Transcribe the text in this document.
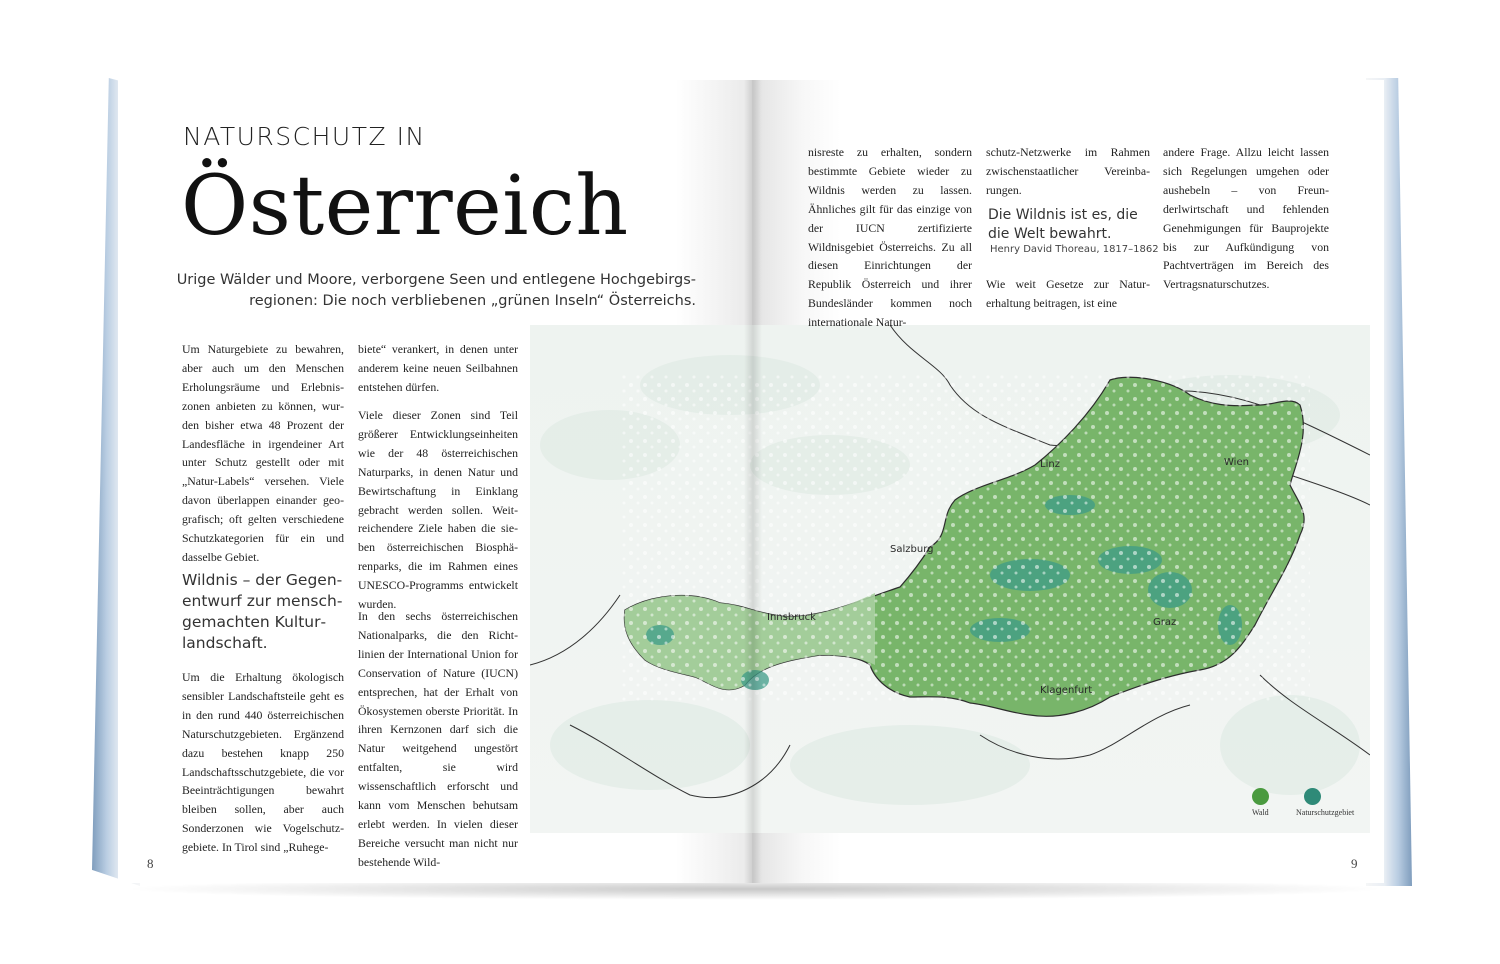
Linz	Wien
Salzburg
Innsbruck	Graz
Klagenfurt
NATURSCHUTZ IN
Österreich
Urige Wälder und Moore, verborgene Seen und entlegene Hochgebirgsregionen: Die noch verbliebenen „grünen Inseln“ Österreichs.

Um Naturgebiete zu bewahren, aber auch um den Menschen Erholungsräume und Erlebniszonen anbieten zu können, wurden bisher etwa 48 Prozent der Landesfläche in irgendeiner Art unter Schutz gestellt oder mit „Natur-Labels“ versehen. Viele davon überlappen einander geografisch; oft gelten verschiedene Schutzkategorien für ein und dasselbe Gebiet.

Wildnis – der Gegenentwurf zur menschgemachten Kulturlandschaft.

Um die Erhaltung ökologisch sensibler Landschaftsteile geht es in den rund 440 österreichischen Naturschutzgebieten. Ergänzend dazu bestehen knapp 250 Landschaftsschutzgebiete, die vor Beeinträchtigungen bewahrt bleiben sollen, aber auch Sonderzonen wie Vogelschutzgebiete. In Tirol sind „Ruhege-

biete“ verankert, in denen unter anderem keine neuen Seilbahnen entstehen dürfen.

Viele dieser Zonen sind Teil größerer Entwicklungseinheiten wie der 48 österreichischen Naturparks, in denen Natur und Bewirtschaftung in Einklang gebracht werden sollen. Weitreichendere Ziele haben die sieben österreichischen Biosphärenparks, die im Rahmen eines UNESCO-Programms entwickelt wurden.

In den sechs österreichischen Nationalparks, die den Richtlinien der International Union for Conservation of Nature (IUCN) entsprechen, hat der Erhalt von Ökosystemen oberste Priorität. In ihren Kernzonen darf sich die Natur weitgehend ungestört entfalten, sie wird wissenschaftlich erforscht und kann vom Menschen behutsam erlebt werden. In vielen dieser Bereiche versucht man nicht nur bestehende Wild-

nisreste zu erhalten, sondern bestimmte Gebiete wieder zu Wildnis werden zu lassen. Ähnliches gilt für das einzige von der IUCN zertifizierte Wildnisgebiet Österreichs. Zu all diesen Einrichtungen der Republik Österreich und ihrer Bundesländer kommen noch internationale Natur-

schutz-Netzwerke im Rahmen zwischenstaatlicher Vereinbarungen.

Die Wildnis ist es, die die Welt bewahrt.
Henry David Thoreau, 1817–1862

Wie weit Gesetze zur Naturerhaltung beitragen, ist eine

andere Frage. Allzu leicht lassen sich Regelungen umgehen oder aushebeln – von Freunderlwirtschaft und fehlenden Genehmigungen für Bauprojekte bis zur Aufkündigung von Pachtverträgen im Bereich des Vertragsnaturschutzes.

Wald	Naturschutzgebiet
8	9
